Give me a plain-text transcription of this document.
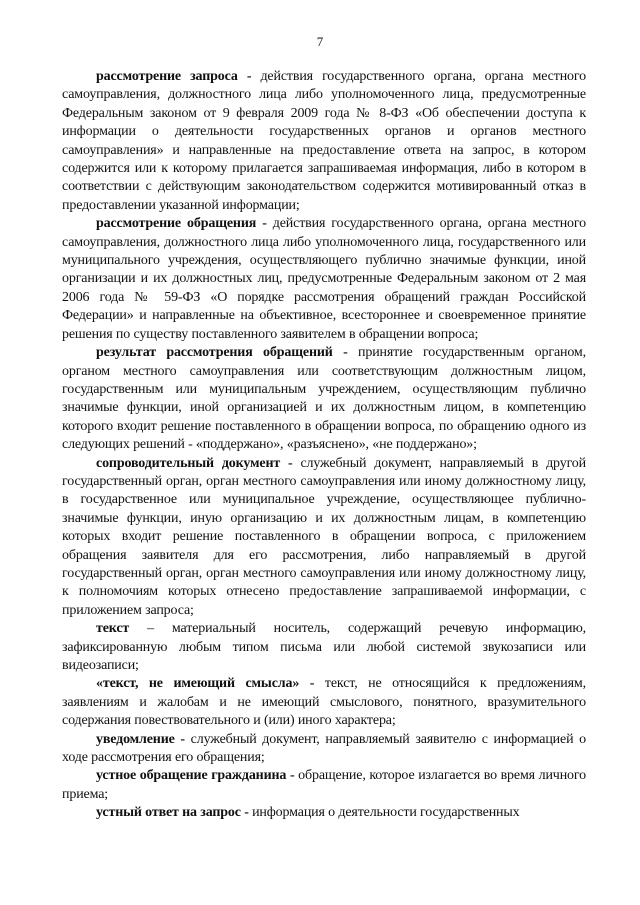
7

рассмотрение запроса - действия государственного органа, органа местного самоуправления, должностного лица либо уполномоченного лица, предусмотренные Федеральным законом от 9 февраля 2009 года № 8-ФЗ «Об обеспечении доступа к информации о деятельности государственных органов и органов местного самоуправления» и направленные на предоставление ответа на запрос, в котором содержится или к которому прилагается запрашиваемая информация, либо в котором в соответствии с действующим законодательством содержится мотивированный отказ в предоставлении указанной информации;

рассмотрение обращения - действия государственного органа, органа местного самоуправления, должностного лица либо уполномоченного лица, государственного или муниципального учреждения, осуществляющего публично значимые функции, иной организации и их должностных лиц, предусмотренные Федеральным законом от 2 мая 2006 года № 59-ФЗ «О порядке рассмотрения обращений граждан Российской Федерации» и направленные на объективное, всестороннее и своевременное принятие решения по существу поставленного заявителем в обращении вопроса;

результат рассмотрения обращений - принятие государственным органом, органом местного самоуправления или соответствующим должностным лицом, государственным или муниципальным учреждением, осуществляющим публично значимые функции, иной организацией и их должностным лицом, в компетенцию которого входит решение поставленного в обращении вопроса, по обращению одного из следующих решений - «поддержано», «разъяснено», «не поддержано»;

сопроводительный документ - служебный документ, направляемый в другой государственный орган, орган местного самоуправления или иному должностному лицу, в государственное или муниципальное учреждение, осуществляющее публично-значимые функции, иную организацию и их должностным лицам, в компетенцию которых входит решение поставленного в обращении вопроса, с приложением обращения заявителя для его рассмотрения, либо направляемый в другой государственный орган, орган местного самоуправления или иному должностному лицу, к полномочиям которых отнесено предоставление запрашиваемой информации, с приложением запроса;

текст – материальный носитель, содержащий речевую информацию, зафиксированную любым типом письма или любой системой звукозаписи или видеозаписи;

«текст, не имеющий смысла» - текст, не относящийся к предложениям, заявлениям и жалобам и не имеющий смыслового, понятного, вразумительного содержания повествовательного и (или) иного характера;

уведомление - служебный документ, направляемый заявителю с информацией о ходе рассмотрения его обращения;

устное обращение гражданина - обращение, которое излагается во время личного приема;

устный ответ на запрос - информация о деятельности государственных
